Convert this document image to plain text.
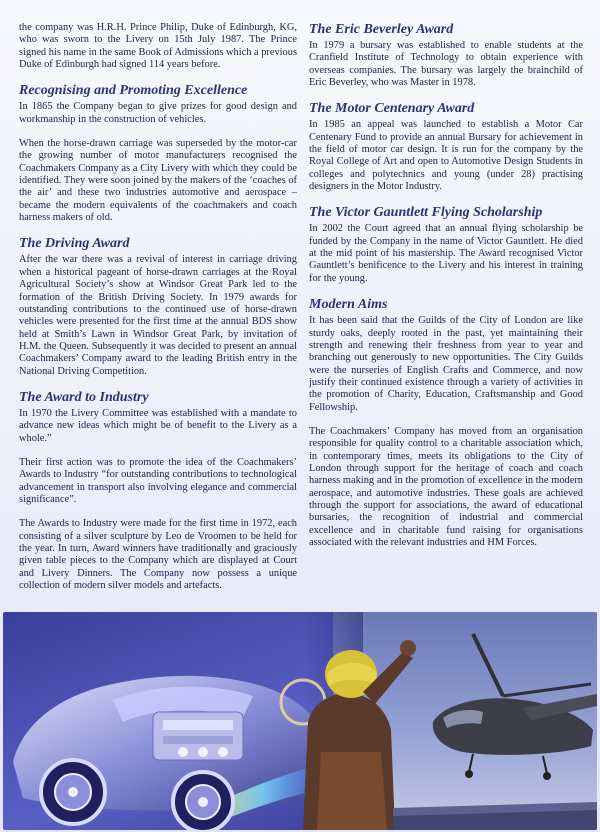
the company was H.R.H. Prince Philip, Duke of Edinburgh, KG, who was sworn to the Livery on 15th July 1987. The Prince signed his name in the same Book of Admissions which a previous Duke of Edinburgh had signed 114 years before.

Recognising and Promoting Excellence

In 1865 the Company began to give prizes for good design and workmanship in the construction of vehicles.

When the horse-drawn carriage was superseded by the motor-car the growing number of motor manufacturers recognised the Coachmakers Company as a City Livery with which they could be identified. They were soon joined by the makers of the ‘coaches of the air’ and these two industries automotive and aerospace – became the modern equivalents of the coachmakers and coach harness makers of old.

The Driving Award

After the war there was a revival of interest in carriage driving when a historical pageant of horse-drawn carriages at the Royal Agricultural Society’s show at Windsor Great Park led to the formation of the British Driving Society. In 1979 awards for outstanding contributions to the continued use of horse-drawn vehicles were presented for the first time at the annual BDS show held at Smith’s Lawn in Windsor Great Park, by invitation of H.M. the Queen. Subsequently it was decided to present an annual Coachmakers’ Company award to the leading British entry in the National Driving Competition.

The Award to Industry

In 1970 the Livery Committee was established with a mandate to advance new ideas which might be of benefit to the Livery as a whole.”

Their first action was to promote the idea of the Coachmakers’ Awards to Industry “for outstanding contributions to technological advancement in transport also involving elegance and commercial significance”.

The Awards to Industry were made for the first time in 1972, each consisting of a silver sculpture by Leo de Vroomen to be held for the year. In turn, Award winners have traditionally and graciously given table pieces to the Company which are displayed at Court and Livery Dinners. The Company now possess a unique collection of modern silver models and artefacts.

The Eric Beverley Award

In 1979 a bursary was established to enable students at the Cranfield Institute of Technology to obtain experience with overseas companies. The bursary was largely the brainchild of Eric Beverley, who was Master in 1978.

The Motor Centenary Award

In 1985 an appeal was launched to establish a Motor Car Centenary Fund to provide an annual Bursary for achievement in the field of motor car design. It is run for the company by the Royal College of Art and open to Automotive Design Students in colleges and polytechnics and young (under 28) practising designers in the Motor Industry.

The Victor Gauntlett Flying Scholarship

In 2002 the Court agreed that an annual flying scholarship be funded by the Company in the name of Victor Gauntlett. He died at the mid point of his mastership. The Award recognised Victor Gauntlett’s benificence to the Livery and his interest in training for the young.

Modern Aims

It has been said that the Guilds of the City of London are like sturdy oaks, deeply rooted in the past, yet maintaining their strength and renewing their freshness from year to year and branching out generously to new opportunities. The City Guilds were the nurseries of English Crafts and Commerce, and now justify their continued existence through a variety of activities in the promotion of Charity, Education, Craftsmanship and Good Fellowship.

The Coachmakers’ Company has moved from an organisation responsible for quality control to a charitable association which, in contemporary times, meets its obligations to the City of London through support for the heritage of coach and coach harness making and in the promotion of excellence in the modern aerospace, and automotive industries. These goals are achieved through the support for associations, the award of educational bursaries, the recognition of industrial and commercial excellence and in charitable fund raising for organisations associated with the relevant industries and HM Forces.
